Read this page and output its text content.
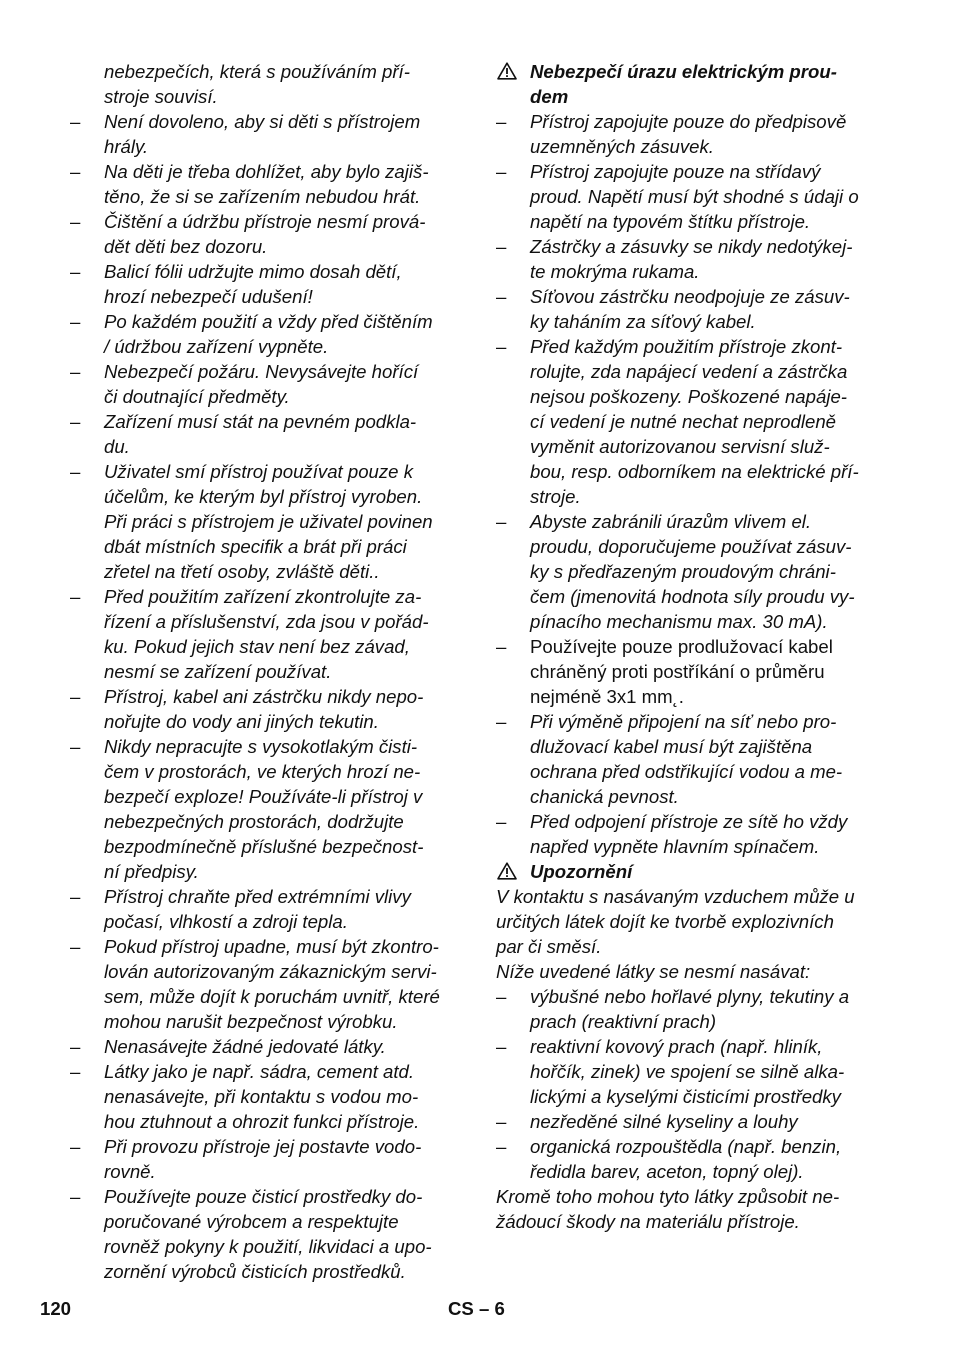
nebezpečích, která s používáním pří-
stroje souvisí.
– Není dovoleno, aby si děti s přístrojem
hrály.
– Na děti je třeba dohlížet, aby bylo zajiš-
těno, že si se zařízením nebudou hrát.
– Čištění a údržbu přístroje nesmí prová-
dět děti bez dozoru.
– Balicí fólii udržujte mimo dosah dětí,
hrozí nebezpečí udušení!
– Po každém použití a vždy před čištěním
/ údržbou zařízení vypněte.
– Nebezpečí požáru. Nevysávejte hořící
či doutnající předměty.
– Zařízení musí stát na pevném podkla-
du.
– Uživatel smí přístroj používat pouze k
účelům, ke kterým byl přístroj vyroben.
Při práci s přístrojem je uživatel povinen
dbát místních specifik a brát při práci
zřetel na třetí osoby, zvláště děti..
– Před použitím zařízení zkontrolujte za-
řízení a příslušenství, zda jsou v pořád-
ku. Pokud jejich stav není bez závad,
nesmí se zařízení používat.
– Přístroj, kabel ani zástrčku nikdy nepo-
nořujte do vody ani jiných tekutin.
– Nikdy nepracujte s vysokotlakým čisti-
čem v prostorách, ve kterých hrozí ne-
bezpečí exploze! Používáte-li přístroj v
nebezpečných prostorách, dodržujte
bezpodmínečně příslušné bezpečnost-
ní předpisy.
– Přístroj chraňte před extrémními vlivy
počasí, vlhkostí a zdroji tepla.
– Pokud přístroj upadne, musí být zkontro-
lován autorizovaným zákaznickým servi-
sem, může dojít k poruchám uvnitř, které
mohou narušit bezpečnost výrobku.
– Nenasávejte žádné jedovaté látky.
– Látky jako je např. sádra, cement atd.
nenasávejte, při kontaktu s vodou mo-
hou ztuhnout a ohrozit funkci přístroje.
– Při provozu přístroje jej postavte vodo-
rovně.
– Používejte pouze čisticí prostředky do-
poručované výrobcem a respektujte
rovněž pokyny k použití, likvidaci a upo-
zornění výrobců čisticích prostředků.
Nebezpečí úrazu elektrickým prou-
dem
– Přístroj zapojujte pouze do předpisově
uzemněných zásuvek.
– Přístroj zapojujte pouze na střídavý
proud. Napětí musí být shodné s údaji o
napětí na typovém štítku přístroje.
– Zástrčky a zásuvky se nikdy nedotýkej-
te mokrýma rukama.
– Síťovou zástrčku neodpojuje ze zásuv-
ky taháním za síťový kabel.
– Před každým použitím přístroje zkont-
rolujte, zda napájecí vedení a zástrčka
nejsou poškozeny. Poškozené napáje-
cí vedení je nutné nechat neprodleně
vyměnit autorizovanou servisní služ-
bou, resp. odborníkem na elektrické pří-
stroje.
– Abyste zabránili úrazům vlivem el.
proudu, doporučujeme používat zásuv-
ky s předřazeným proudovým chráni-
čem (jmenovitá hodnota síly proudu vy-
pínacího mechanismu max. 30 mA).
– Používejte pouze prodlužovací kabel
chráněný proti postříkání o průměru
nejméně 3x1 mm˛.
– Při výměně připojení na síť nebo pro-
dlužovací kabel musí být zajištěna
ochrana před odstřikující vodou a me-
chanická pevnost.
– Před odpojení přístroje ze sítě ho vždy
napřed vypněte hlavním spínačem.
Upozornění
V kontaktu s nasávaným vzduchem může u
určitých látek dojít ke tvorbě explozivních
par či směsí.
Níže uvedené látky se nesmí nasávat:
– výbušné nebo hořlavé plyny, tekutiny a
prach (reaktivní prach)
– reaktivní kovový prach (např. hliník,
hořčík, zinek) ve spojení se silně alka-
lickými a kyselými čisticími prostředky
– nezředěné silné kyseliny a louhy
– organická rozpouštědla (např. benzin,
ředidla barev, aceton, topný olej).
Kromě toho mohou tyto látky způsobit ne-
žádoucí škody na materiálu přístroje.
120	CS – 6
